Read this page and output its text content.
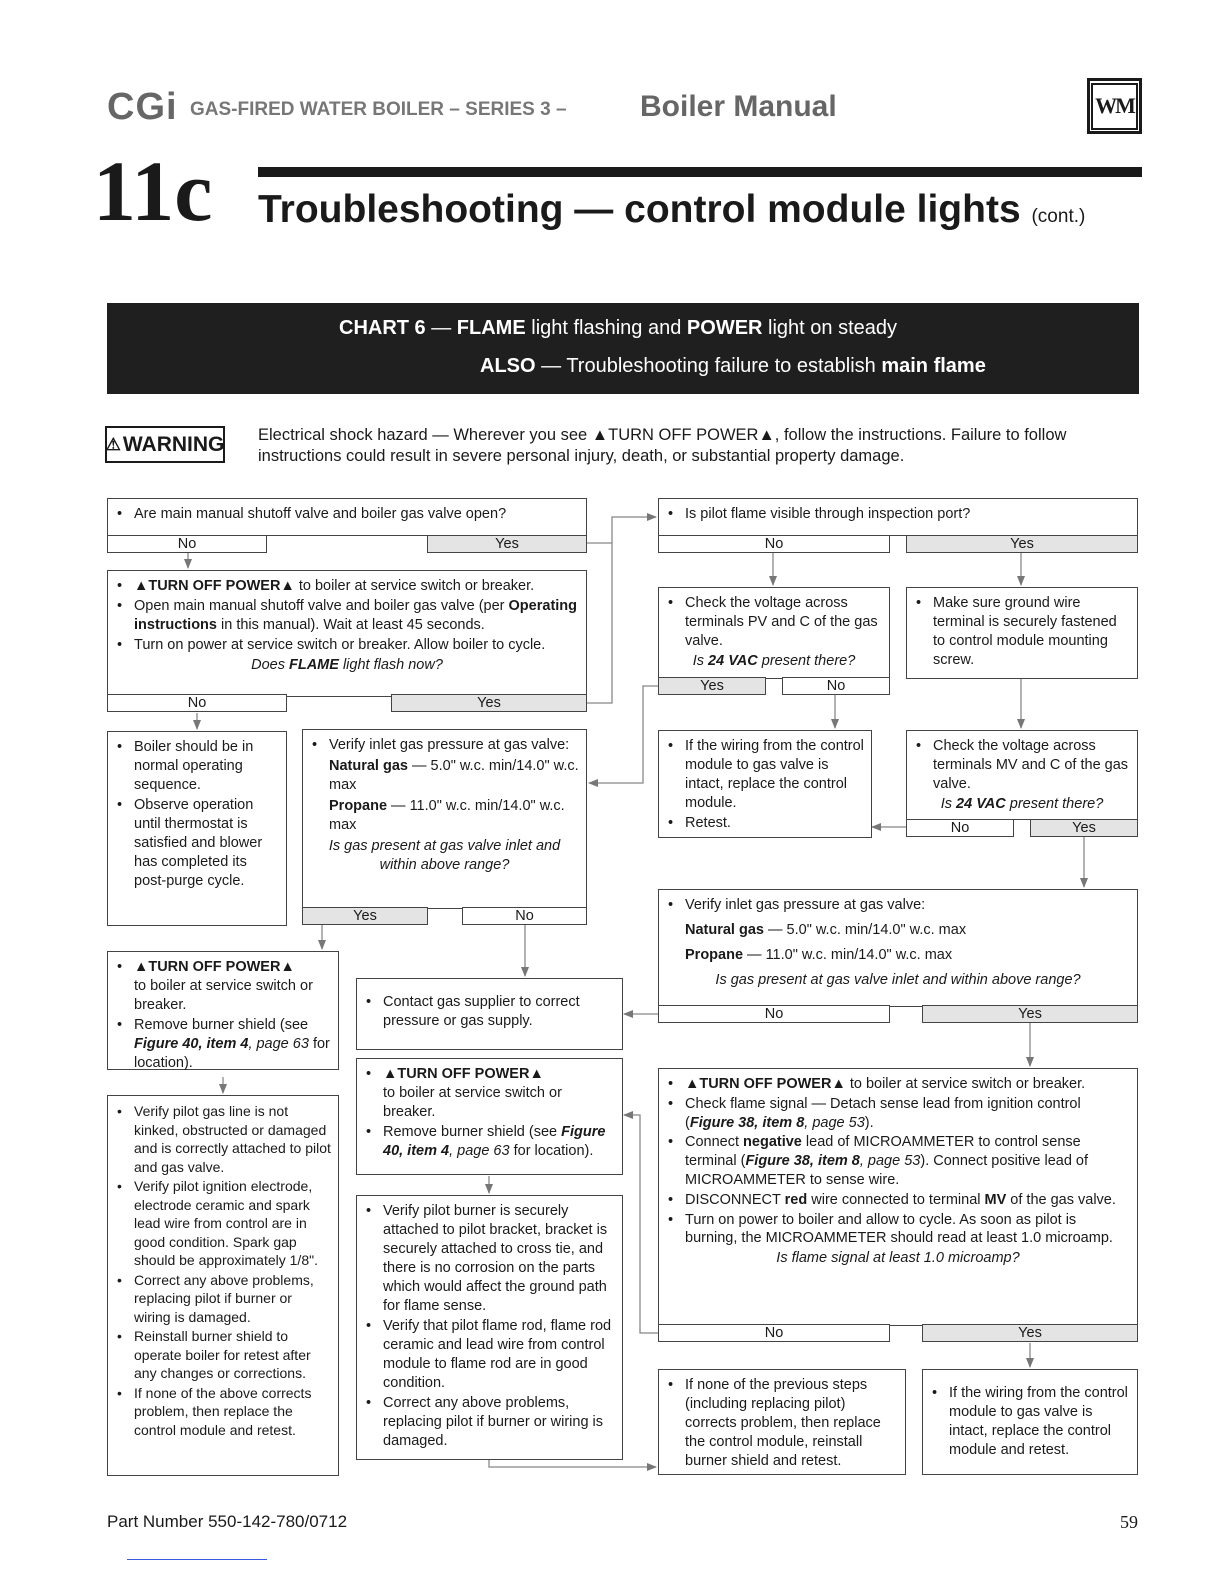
CGi GAS-FIRED WATER BOILER – SERIES 3 – Boiler Manual	WM
11c Troubleshooting — control module lights (cont.)
CHART 6 — FLAME light flashing and POWER light on steady
ALSO — Troubleshooting failure to establish main flame
⚠ WARNING Electrical shock hazard — Wherever you see ▲TURN OFF POWER▲, follow the instructions. Failure to follow instructions could result in severe personal injury, death, or substantial property damage.
• Are main manual shutoff valve and boiler gas valve open?
No	Yes
• ▲TURN OFF POWER▲ to boiler at service switch or breaker.
• Open main manual shutoff valve and boiler gas valve (per Operating instructions in this manual). Wait at least 45 seconds.
• Turn on power at service switch or breaker. Allow boiler to cycle.
Does FLAME light flash now?
No	Yes
• Boiler should be in normal operating sequence.
• Observe operation until thermostat is satisfied and blower has completed its post-purge cycle.
• Verify inlet gas pressure at gas valve:

Natural gas — 5.0" w.c. min/14.0" w.c. max

Propane — 11.0" w.c. min/14.0" w.c. max

Is gas present at gas valve inlet and within above range?
Yes	No
• ▲TURN OFF POWER▲
to boiler at service switch or breaker.
• Remove burner shield (see Figure 40, item 4, page 63 for location).
• Verify pilot gas line is not kinked, obstructed or damaged and is correctly attached to pilot and gas valve.
• Verify pilot ignition electrode, electrode ceramic and spark lead wire from control are in good condition. Spark gap should be approximately 1/8".
• Correct any above problems, replacing pilot if burner or wiring is damaged.
• Reinstall burner shield to operate boiler for retest after any changes or corrections.
• If none of the above corrects problem, then replace the control module and retest.
• Contact gas supplier to correct pressure or gas supply.
• ▲TURN OFF POWER▲
to boiler at service switch or breaker.
• Remove burner shield (see Figure 40, item 4, page 63 for location).
• Verify pilot burner is securely attached to pilot bracket, bracket is securely attached to cross tie, and there is no corrosion on the parts which would affect the ground path for flame sense.
• Verify that pilot flame rod, flame rod ceramic and lead wire from control module to flame rod are in good condition.
• Correct any above problems, replacing pilot if burner or wiring is damaged.
• Is pilot flame visible through inspection port?
No	Yes
• Check the voltage across terminals PV and C of the gas valve.
Is 24 VAC present there?
Yes	No
• Make sure ground wire terminal is securely fastened to control module mounting screw.
• If the wiring from the control module to gas valve is intact, replace the control module.
• Retest.
• Check the voltage across terminals MV and C of the gas valve.
Is 24 VAC present there?
No	Yes
• Verify inlet gas pressure at gas valve:

Natural gas — 5.0" w.c. min/14.0" w.c. max

Propane — 11.0" w.c. min/14.0" w.c. max

Is gas present at gas valve inlet and within above range?
No	Yes
• ▲TURN OFF POWER▲ to boiler at service switch or breaker.
• Check flame signal — Detach sense lead from ignition control (Figure 38, item 8, page 53).
• Connect negative lead of MICROAMMETER to control sense terminal (Figure 38, item 8, page 53). Connect positive lead of MICROAMMETER to sense wire.
• DISCONNECT red wire connected to terminal MV of the gas valve.
• Turn on power to boiler and allow to cycle. As soon as pilot is burning, the MICROAMMETER should read at least 1.0 microamp.
Is flame signal at least 1.0 microamp?
No	Yes
• If none of the previous steps (including replacing pilot) corrects problem, then replace the control module, reinstall burner shield and retest.
• If the wiring from the control module to gas valve is intact, replace the control module and retest.
Part Number 550-142-780/0712	59
